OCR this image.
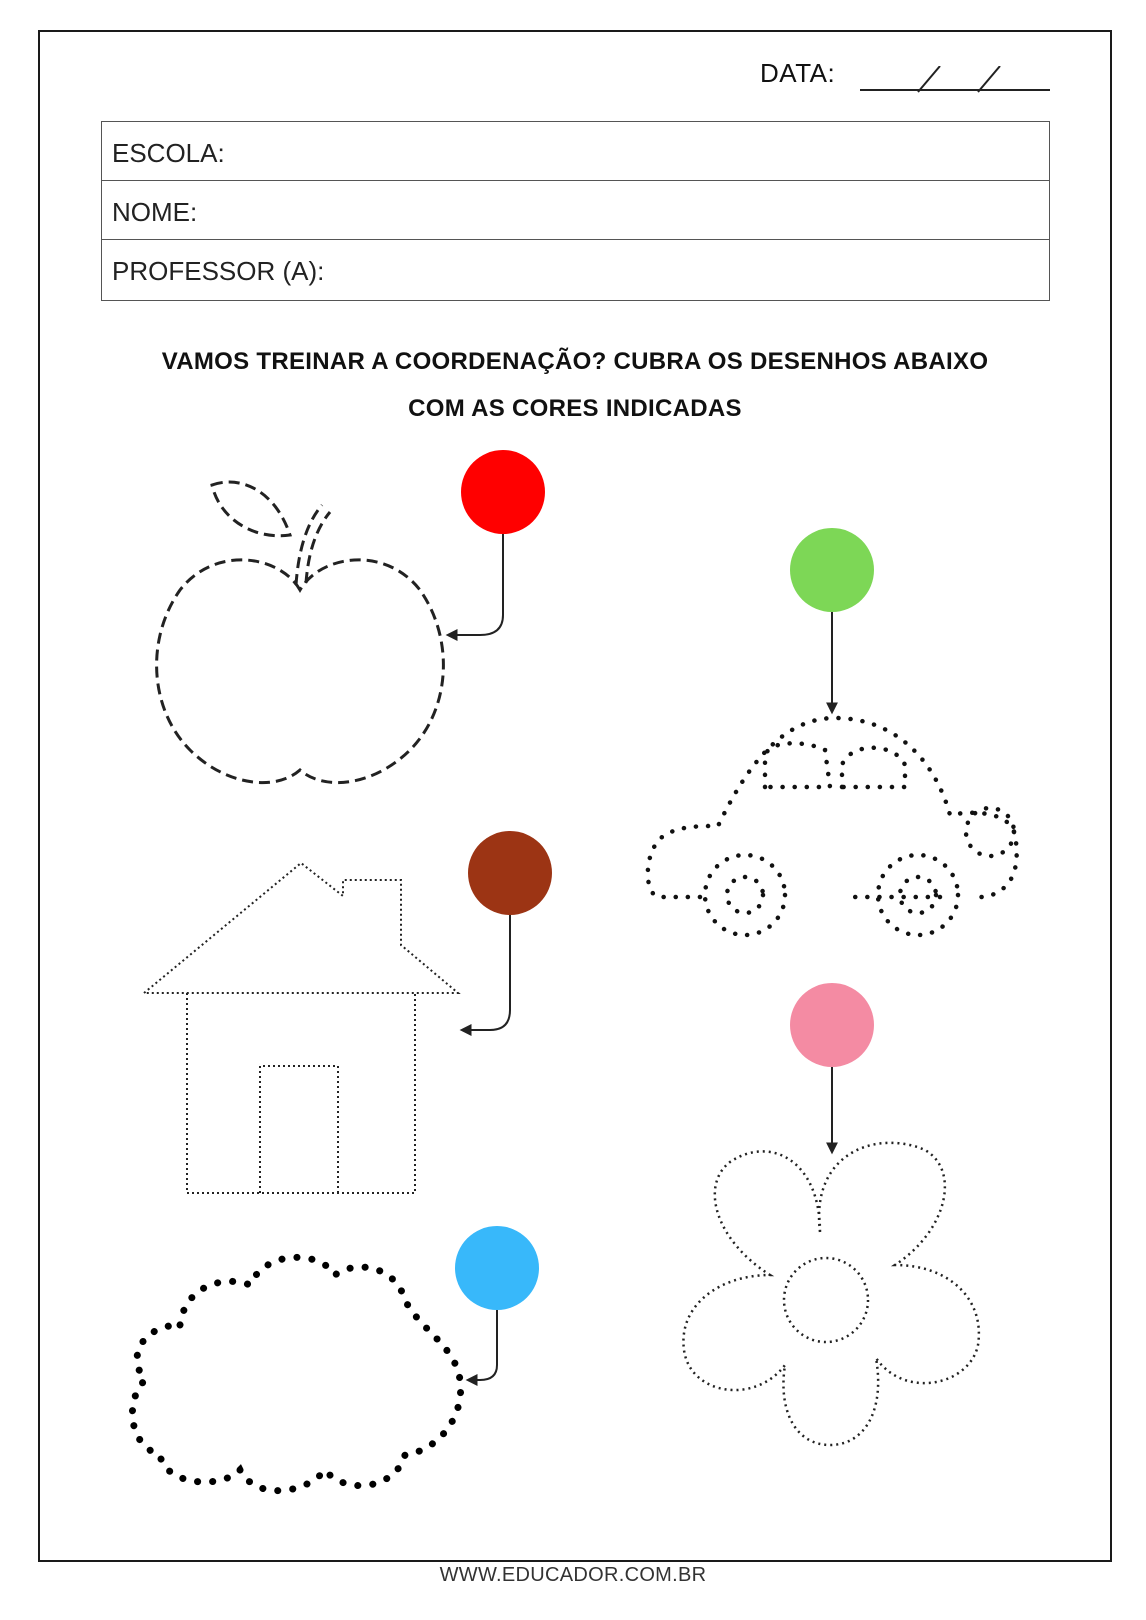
DATA:
ESCOLA:
NOME:
PROFESSOR (A):
VAMOS TREINAR A COORDENAÇÃO? CUBRA OS DESENHOS ABAIXO
COM AS CORES INDICADAS
WWW.EDUCADOR.COM.BR
